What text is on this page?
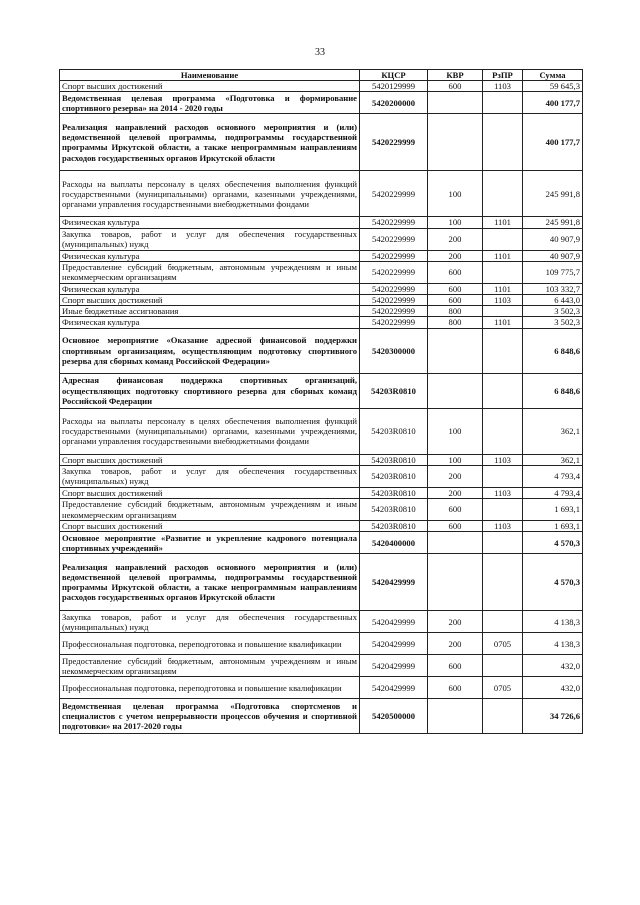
33
Наименование	КЦСР	КВР	РзПР	Сумма
Спорт высших достижений	5420129999	600	1103	59 645,3
Ведомственная целевая программа «Подготовка и формирование спортивного резерва» на 2014 - 2020 годы	5420200000			400 177,7
Реализация направлений расходов основного мероприятия и (или) ведомственной целевой программы, подпрограммы государственной программы Иркутской области, а также непрограммным направлениям расходов государственных органов Иркутской области	5420229999			400 177,7
Расходы на выплаты персоналу в целях обеспечения выполнения функций государственными (муниципальными) органами, казенными учреждениями, органами управления государственными внебюджетными фондами	5420229999	100		245 991,8
Физическая культура	5420229999	100	1101	245 991,8
Закупка товаров, работ и услуг для обеспечения государственных (муниципальных) нужд	5420229999	200		40 907,9
Физическая культура	5420229999	200	1101	40 907,9
Предоставление субсидий бюджетным, автономным учреждениям и иным некоммерческим организациям	5420229999	600		109 775,7
Физическая культура	5420229999	600	1101	103 332,7
Спорт высших достижений	5420229999	600	1103	6 443,0
Иные бюджетные ассигнования	5420229999	800		3 502,3
Физическая культура	5420229999	800	1101	3 502,3
Основное мероприятие «Оказание адресной финансовой поддержки спортивным организациям, осуществляющим подготовку спортивного резерва для сборных команд Российской Федерации»	5420300000			6 848,6
Адресная финансовая поддержка спортивных организаций, осуществляющих подготовку спортивного резерва для сборных команд Российской Федерации	54203R0810			6 848,6
Расходы на выплаты персоналу в целях обеспечения выполнения функций государственными (муниципальными) органами, казенными учреждениями, органами управления государственными внебюджетными фондами	54203R0810	100		362,1
Спорт высших достижений	54203R0810	100	1103	362,1
Закупка товаров, работ и услуг для обеспечения государственных (муниципальных) нужд	54203R0810	200		4 793,4
Спорт высших достижений	54203R0810	200	1103	4 793,4
Предоставление субсидий бюджетным, автономным учреждениям и иным некоммерческим организациям	54203R0810	600		1 693,1
Спорт высших достижений	54203R0810	600	1103	1 693,1
Основное мероприятие «Развитие и укрепление кадрового потенциала спортивных учреждений»	5420400000			4 570,3
Реализация направлений расходов основного мероприятия и (или) ведомственной целевой программы, подпрограммы государственной программы Иркутской области, а также непрограммным направлениям расходов государственных органов Иркутской области	5420429999			4 570,3
Закупка товаров, работ и услуг для обеспечения государственных (муниципальных) нужд	5420429999	200		4 138,3
Профессиональная подготовка, переподготовка и повышение квалификации	5420429999	200	0705	4 138,3
Предоставление субсидий бюджетным, автономным учреждениям и иным некоммерческим организациям	5420429999	600		432,0
Профессиональная подготовка, переподготовка и повышение квалификации	5420429999	600	0705	432,0
Ведомственная целевая программа «Подготовка спортсменов и специалистов с учетом непрерывности процессов обучения и спортивной подготовки» на 2017-2020 годы	5420500000			34 726,6
